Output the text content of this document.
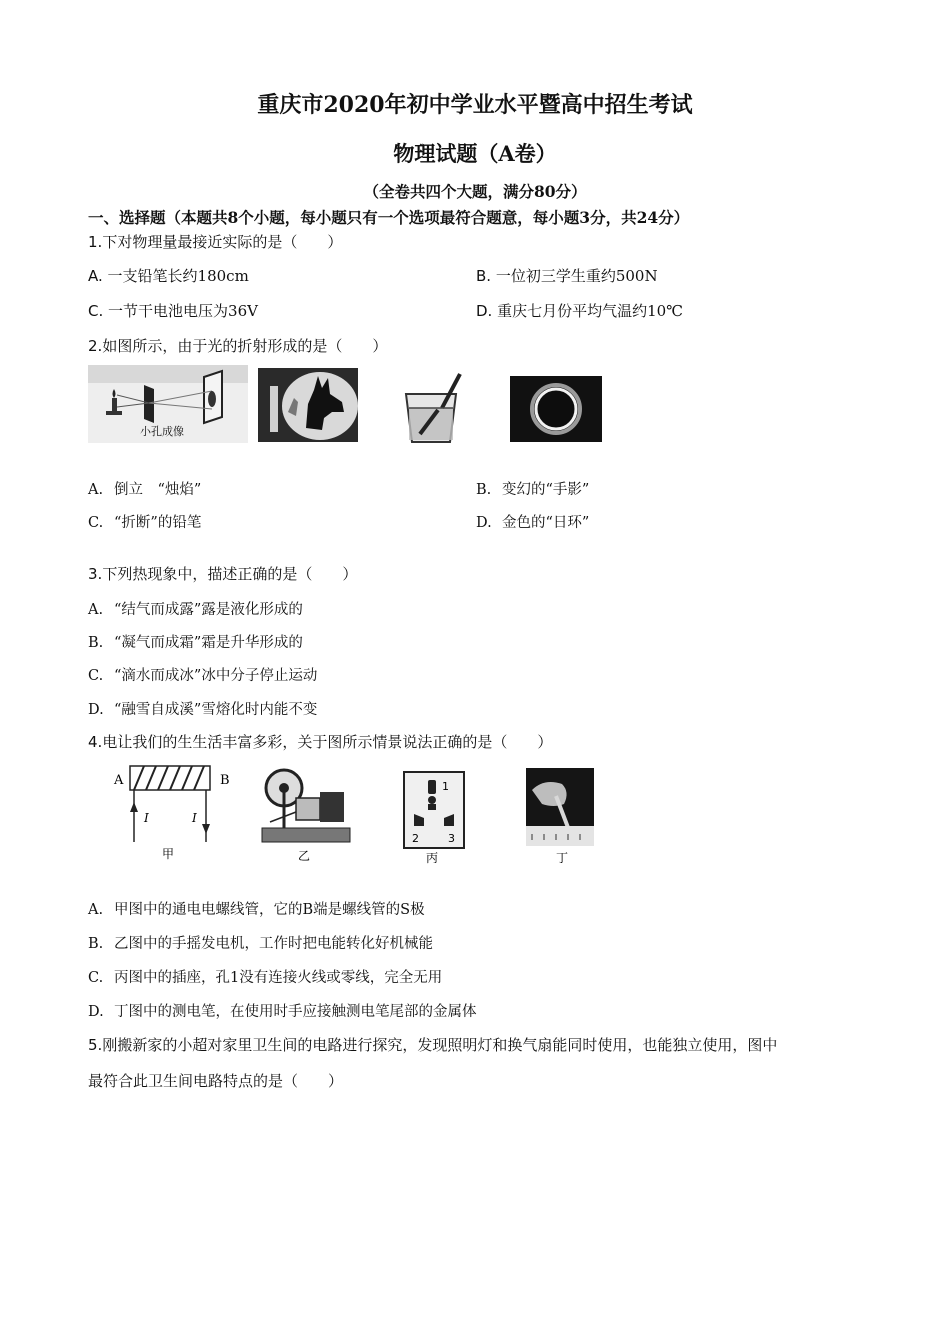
重庆市2020年初中学业水平暨高中招生考试
物理试题（A卷）
（全卷共四个大题，满分80分）
一、选择题（本题共8个小题，每小题只有一个选项最符合题意，每小题3分，共24分）
1.下对物理量最接近实际的是（　　）
A. 一支铅笔长约180cm	B. 一位初三学生重约500N
C. 一节干电池电压为36V	D. 重庆七月份平均气温约10℃
2.如图所示，由于光的折射形成的是（　　）
小孔成像
A. 倒立　“烛焰”	B. 变幻的“手影”
C. “折断”的铅笔	D. 金色的“日环”
3.下列热现象中，描述正确的是（　　）
A. “结气而成露”露是液化形成的
B. “凝气而成霜”霜是升华形成的
C. “滴水而成冰”冰中分子停止运动
D. “融雪自成溪”雪熔化时内能不变
4.电让我们的生生活丰富多彩，关于图所示情景说法正确的是（　　）
A	B
I	I
甲	乙
1
2	3
丙	丁
A. 甲图中的通电电螺线管，它的B端是螺线管的S极
B. 乙图中的手摇发电机，工作时把电能转化好机械能
C. 丙图中的插座，孔1没有连接火线或零线，完全无用
D. 丁图中的测电笔，在使用时手应接触测电笔尾部的金属体
5.刚搬新家的小超对家里卫生间的电路进行探究，发现照明灯和换气扇能同时使用，也能独立使用，图中
最符合此卫生间电路特点的是（　　）
